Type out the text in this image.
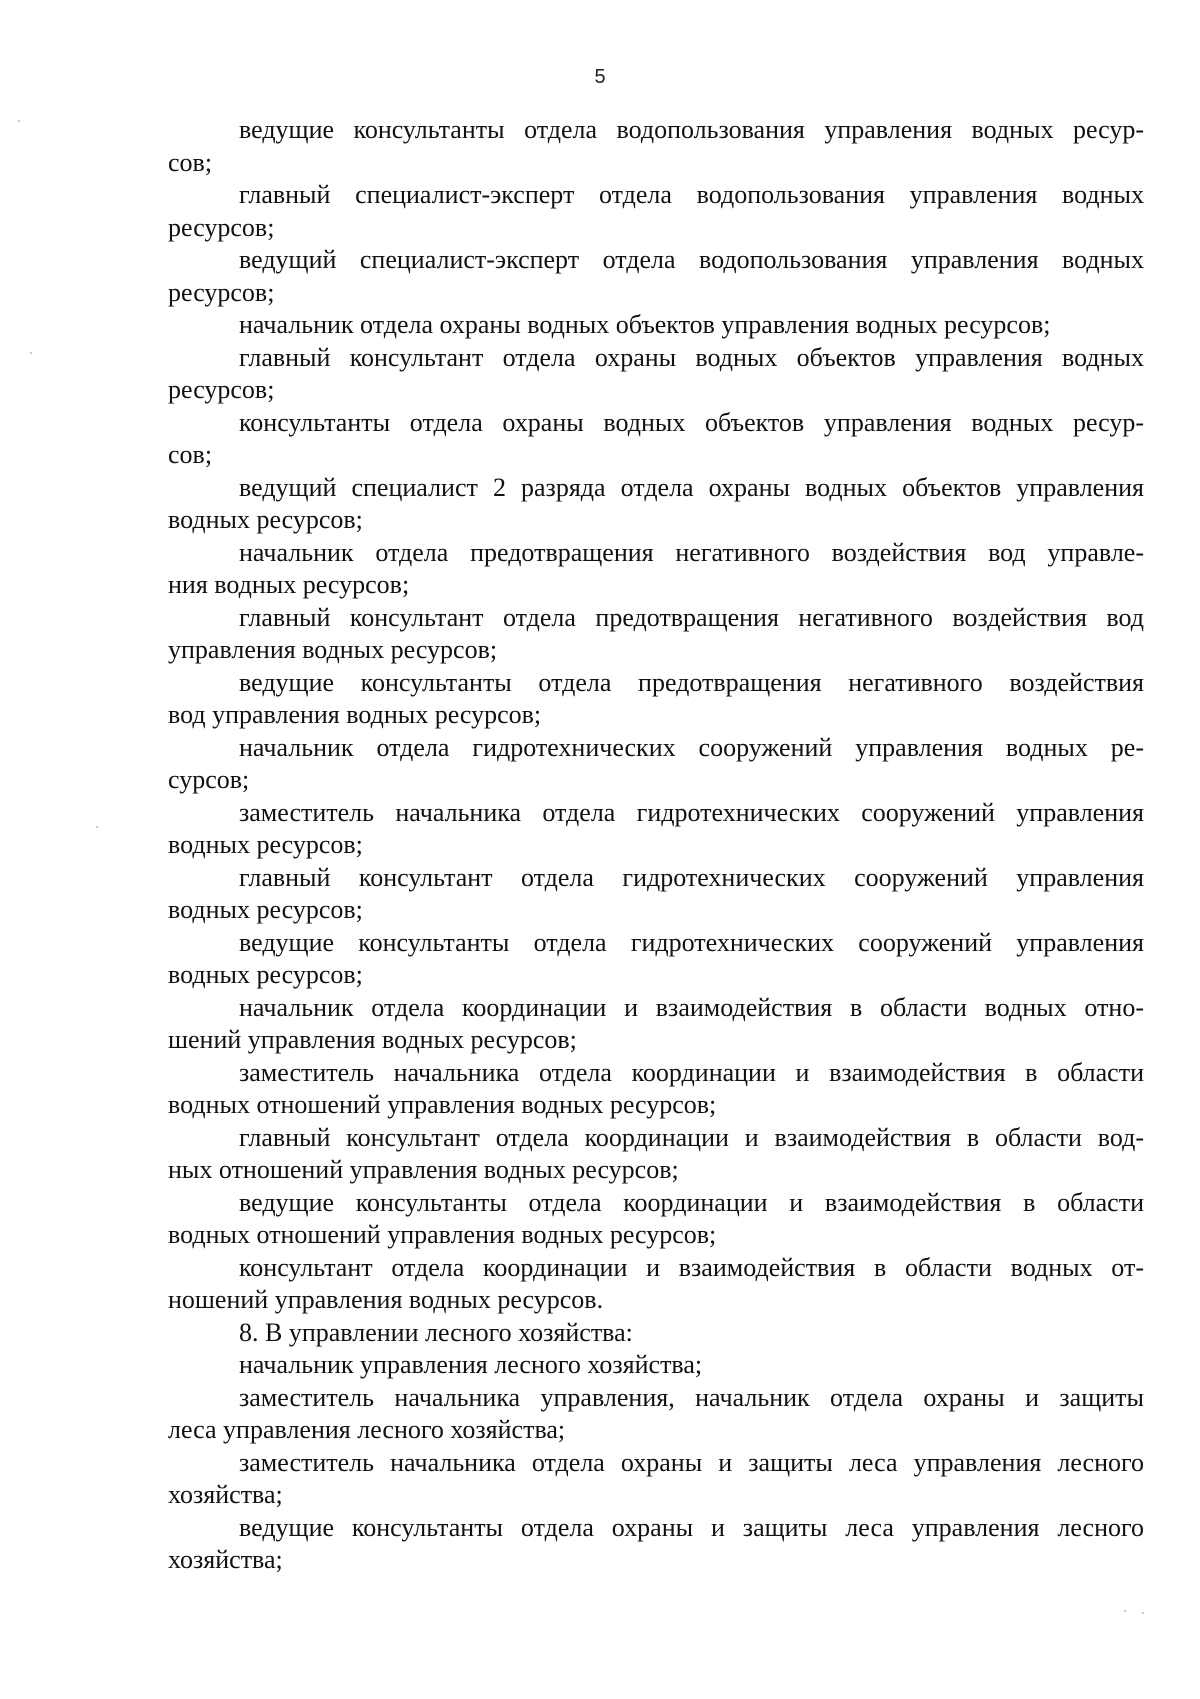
5

ведущие консультанты отдела водопользования управления водных ресур-
сов;

главный специалист-эксперт отдела водопользования управления водных
ресурсов;

ведущий специалист-эксперт отдела водопользования управления водных
ресурсов;

начальник отдела охраны водных объектов управления водных ресурсов;

главный консультант отдела охраны водных объектов управления водных
ресурсов;

консультанты отдела охраны водных объектов управления водных ресур-
сов;

ведущий специалист 2 разряда отдела охраны водных объектов управления
водных ресурсов;

начальник отдела предотвращения негативного воздействия вод управле-
ния водных ресурсов;

главный консультант отдела предотвращения негативного воздействия вод
управления водных ресурсов;

ведущие консультанты отдела предотвращения негативного воздействия
вод управления водных ресурсов;

начальник отдела гидротехнических сооружений управления водных ре-
сурсов;

заместитель начальника отдела гидротехнических сооружений управления
водных ресурсов;

главный консультант отдела гидротехнических сооружений управления
водных ресурсов;

ведущие консультанты отдела гидротехнических сооружений управления
водных ресурсов;

начальник отдела координации и взаимодействия в области водных отно-
шений управления водных ресурсов;

заместитель начальника отдела координации и взаимодействия в области
водных отношений управления водных ресурсов;

главный консультант отдела координации и взаимодействия в области вод-
ных отношений управления водных ресурсов;

ведущие консультанты отдела координации и взаимодействия в области
водных отношений управления водных ресурсов;

консультант отдела координации и взаимодействия в области водных от-
ношений управления водных ресурсов.

8. В управлении лесного хозяйства:

начальник управления лесного хозяйства;

заместитель начальника управления, начальник отдела охраны и защиты
леса управления лесного хозяйства;

заместитель начальника отдела охраны и защиты леса управления лесного
хозяйства;

ведущие консультанты отдела охраны и защиты леса управления лесного
хозяйства;
